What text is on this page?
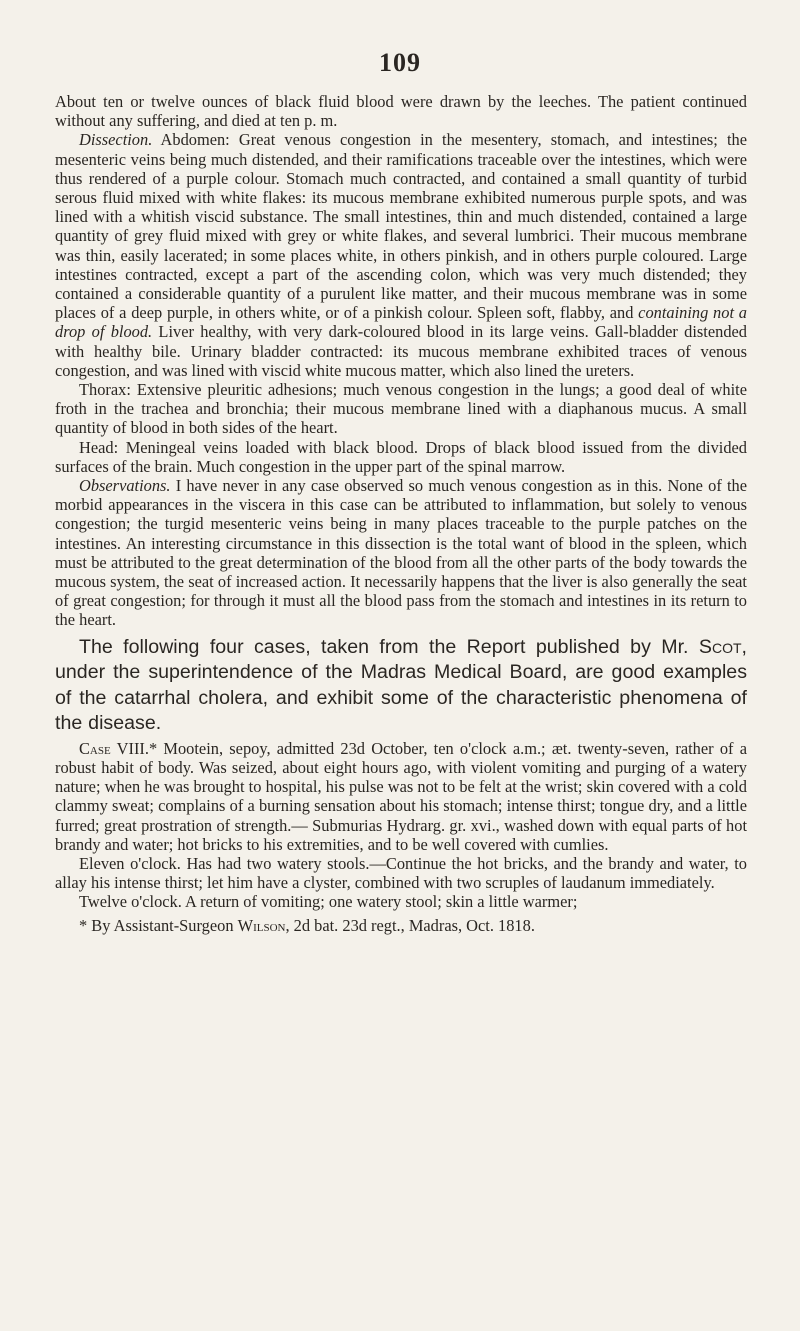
109

About ten or twelve ounces of black fluid blood were drawn by the leeches. The patient continued without any suffering, and died at ten p. m.

Dissection. Abdomen: Great venous congestion in the mesentery, stomach, and intestines; the mesenteric veins being much distended, and their ramifications traceable over the intestines, which were thus rendered of a purple colour. Stomach much contracted, and contained a small quantity of turbid serous fluid mixed with white flakes: its mucous membrane exhibited numerous purple spots, and was lined with a whitish viscid substance. The small intestines, thin and much distended, contained a large quantity of grey fluid mixed with grey or white flakes, and several lumbrici. Their mucous membrane was thin, easily lacerated; in some places white, in others pinkish, and in others purple coloured. Large intestines contracted, except a part of the ascending colon, which was very much distended; they contained a considerable quantity of a purulent like matter, and their mucous membrane was in some places of a deep purple, in others white, or of a pinkish colour. Spleen soft, flabby, and containing not a drop of blood. Liver healthy, with very dark-coloured blood in its large veins. Gall-bladder distended with healthy bile. Urinary bladder contracted: its mucous membrane exhibited traces of venous congestion, and was lined with viscid white mucous matter, which also lined the ureters.

Thorax: Extensive pleuritic adhesions; much venous congestion in the lungs; a good deal of white froth in the trachea and bronchia; their mucous membrane lined with a diaphanous mucus. A small quantity of blood in both sides of the heart.

Head: Meningeal veins loaded with black blood. Drops of black blood issued from the divided surfaces of the brain. Much congestion in the upper part of the spinal marrow.

Observations. I have never in any case observed so much venous congestion as in this. None of the morbid appearances in the viscera in this case can be attributed to inflammation, but solely to venous congestion; the turgid mesenteric veins being in many places traceable to the purple patches on the intestines. An interesting circumstance in this dissection is the total want of blood in the spleen, which must be attributed to the great determination of the blood from all the other parts of the body towards the mucous system, the seat of increased action. It necessarily happens that the liver is also generally the seat of great congestion; for through it must all the blood pass from the stomach and intestines in its return to the heart.

The following four cases, taken from the Report published by Mr. Scot, under the superintendence of the Madras Medical Board, are good examples of the catarrhal cholera, and exhibit some of the characteristic phenomena of the disease.

Case VIII.* Mootein, sepoy, admitted 23d October, ten o'clock a.m.; æt. twenty-seven, rather of a robust habit of body. Was seized, about eight hours ago, with violent vomiting and purging of a watery nature; when he was brought to hospital, his pulse was not to be felt at the wrist; skin covered with a cold clammy sweat; complains of a burning sensation about his stomach; intense thirst; tongue dry, and a little furred; great prostration of strength.— Submurias Hydrarg. gr. xvi., washed down with equal parts of hot brandy and water; hot bricks to his extremities, and to be well covered with cumlies.

Eleven o'clock. Has had two watery stools.—Continue the hot bricks, and the brandy and water, to allay his intense thirst; let him have a clyster, combined with two scruples of laudanum immediately.

Twelve o'clock. A return of vomiting; one watery stool; skin a little warmer;

* By Assistant-Surgeon Wilson, 2d bat. 23d regt., Madras, Oct. 1818.
